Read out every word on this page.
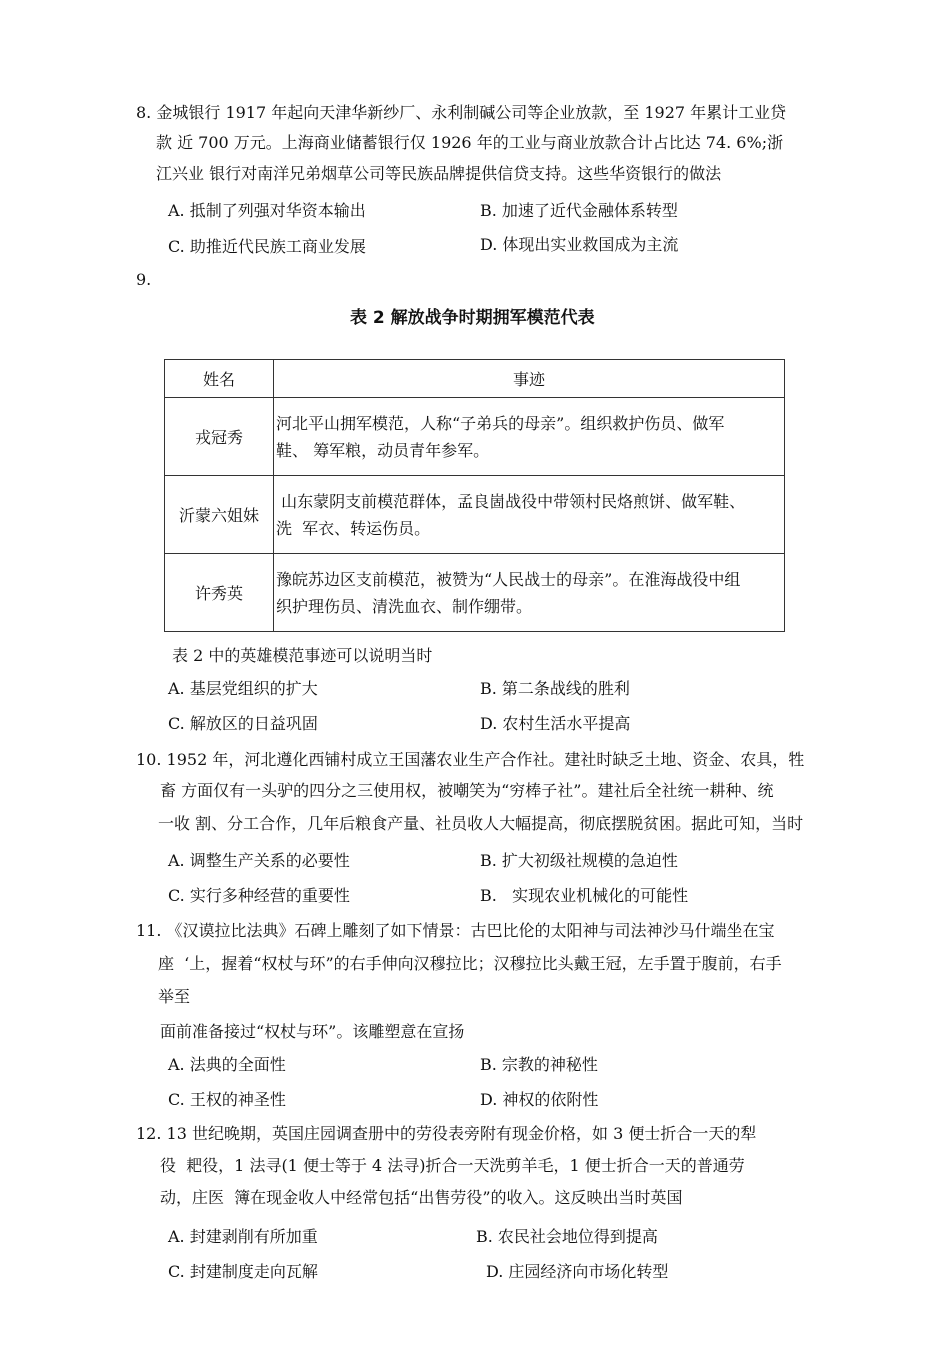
8. 金城银行 1917 年起向天津华新纱厂、永利制碱公司等企业放款，至 1927 年累计工业贷
款 近 700 万元。上海商业储蓄银行仅 1926 年的工业与商业放款合计占比达 74. 6%;浙
江兴业 银行对南洋兄弟烟草公司等民族品牌提供信贷支持。这些华资银行的做法
A. 抵制了列强对华资本输出	B. 加速了近代金融体系转型
C. 助推近代民族工商业发展	D. 体现出实业救国成为主流
9.
表 2 解放战争时期拥军模范代表
姓名	事迹
戎冠秀	河北平山拥军模范，人称“子弟兵的母亲”。组织救护伤员、做军
鞋、 筹军粮，动员青年参军。

沂蒙六姐妹	山东蒙阴支前模范群体，孟良崮战役中带领村民烙煎饼、做军鞋、
洗  军衣、转运伤员。

许秀英	豫皖苏边区支前模范，被赞为“人民战士的母亲”。在淮海战役中组
织护理伤员、清洗血衣、制作绷带。
表 2 中的英雄模范事迹可以说明当时
A. 基层党组织的扩大	B. 第二条战线的胜利
C. 解放区的日益巩固	D. 农村生活水平提高
10. 1952 年，河北遵化西铺村成立王国藩农业生产合作社。建社时缺乏土地、资金、农具，牲
畜 方面仅有一头驴的四分之三使用权，被嘲笑为“穷棒子社”。建社后全社统一耕种、统
一收 割、分工合作，几年后粮食产量、社员收人大幅提高，彻底摆脱贫困。据此可知，当时
A. 调整生产关系的必要性	B. 扩大初级社规模的急迫性
C. 实行多种经营的重要性	B.   实现农业机械化的可能性
11. 《汉谟拉比法典》石碑上雕刻了如下情景：古巴比伦的太阳神与司法神沙马什端坐在宝
座  ‘上，握着“权杖与环”的右手伸向汉穆拉比；汉穆拉比头戴王冠，左手置于腹前，右手
举至
面前准备接过“权杖与环”。该雕塑意在宣扬
A. 法典的全面性	B. 宗教的神秘性
C. 王权的神圣性	D. 神权的依附性
12. 13 世纪晚期，英国庄园调查册中的劳役表旁附有现金价格，如 3 便士折合一天的犁
役  耙役，1 法寻(1 便士等于 4 法寻)折合一天洗剪羊毛，1 便士折合一天的普通劳
动，庄医  簿在现金收人中经常包括“出售劳役”的收入。这反映出当时英国
A. 封建剥削有所加重	B. 农民社会地位得到提高
C. 封建制度走向瓦解	D. 庄园经济向市场化转型
